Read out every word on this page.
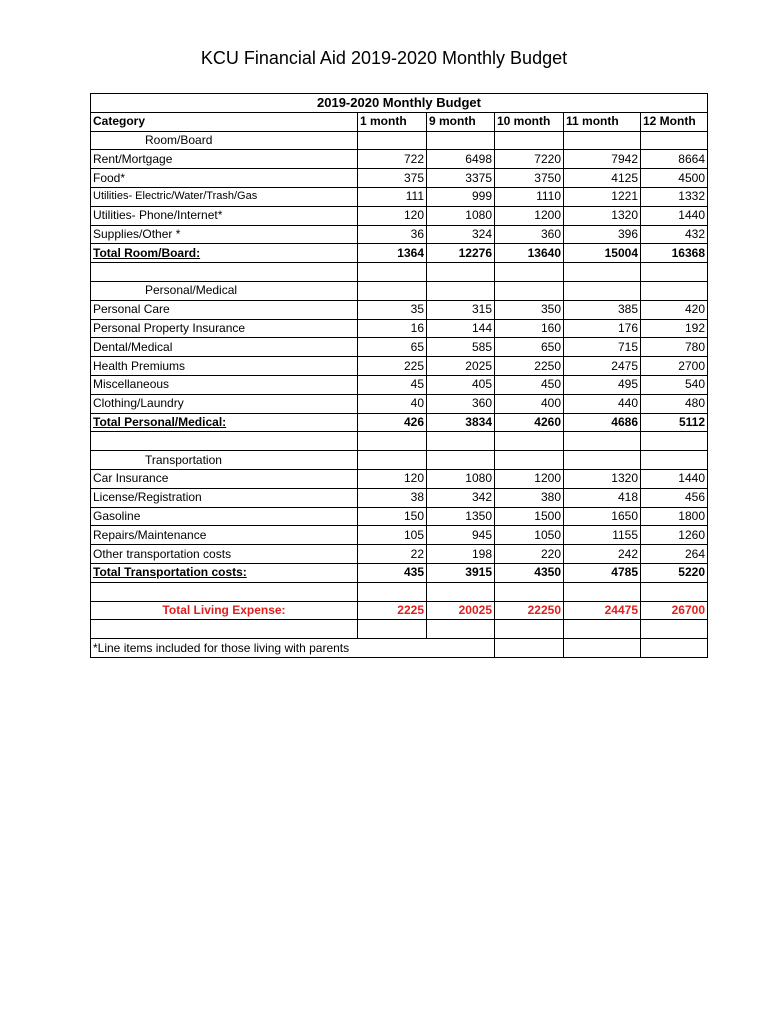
KCU Financial Aid 2019-2020 Monthly Budget
2019-2020 Monthly Budget					
Category	1 month	9 month	10 month	11 month	12 Month
Room/Board					
Rent/Mortgage	722	6498	7220	7942	8664
Food*	375	3375	3750	4125	4500
Utilities- Electric/Water/Trash/Gas	111	999	1110	1221	1332
Utilities- Phone/Internet*	120	1080	1200	1320	1440
Supplies/Other *	36	324	360	396	432
Total Room/Board:	1364	12276	13640	15004	16368

Personal/Medical					
Personal Care	35	315	350	385	420
Personal Property Insurance	16	144	160	176	192
Dental/Medical	65	585	650	715	780
Health Premiums	225	2025	2250	2475	2700
Miscellaneous	45	405	450	495	540
Clothing/Laundry	40	360	400	440	480
Total Personal/Medical:	426	3834	4260	4686	5112

Transportation					
Car Insurance	120	1080	1200	1320	1440
License/Registration	38	342	380	418	456
Gasoline	150	1350	1500	1650	1800
Repairs/Maintenance	105	945	1050	1155	1260
Other transportation costs	22	198	220	242	264
Total Transportation costs:	435	3915	4350	4785	5220

Total Living Expense:	2225	20025	22250	24475	26700

*Line items included for those living with parents					
